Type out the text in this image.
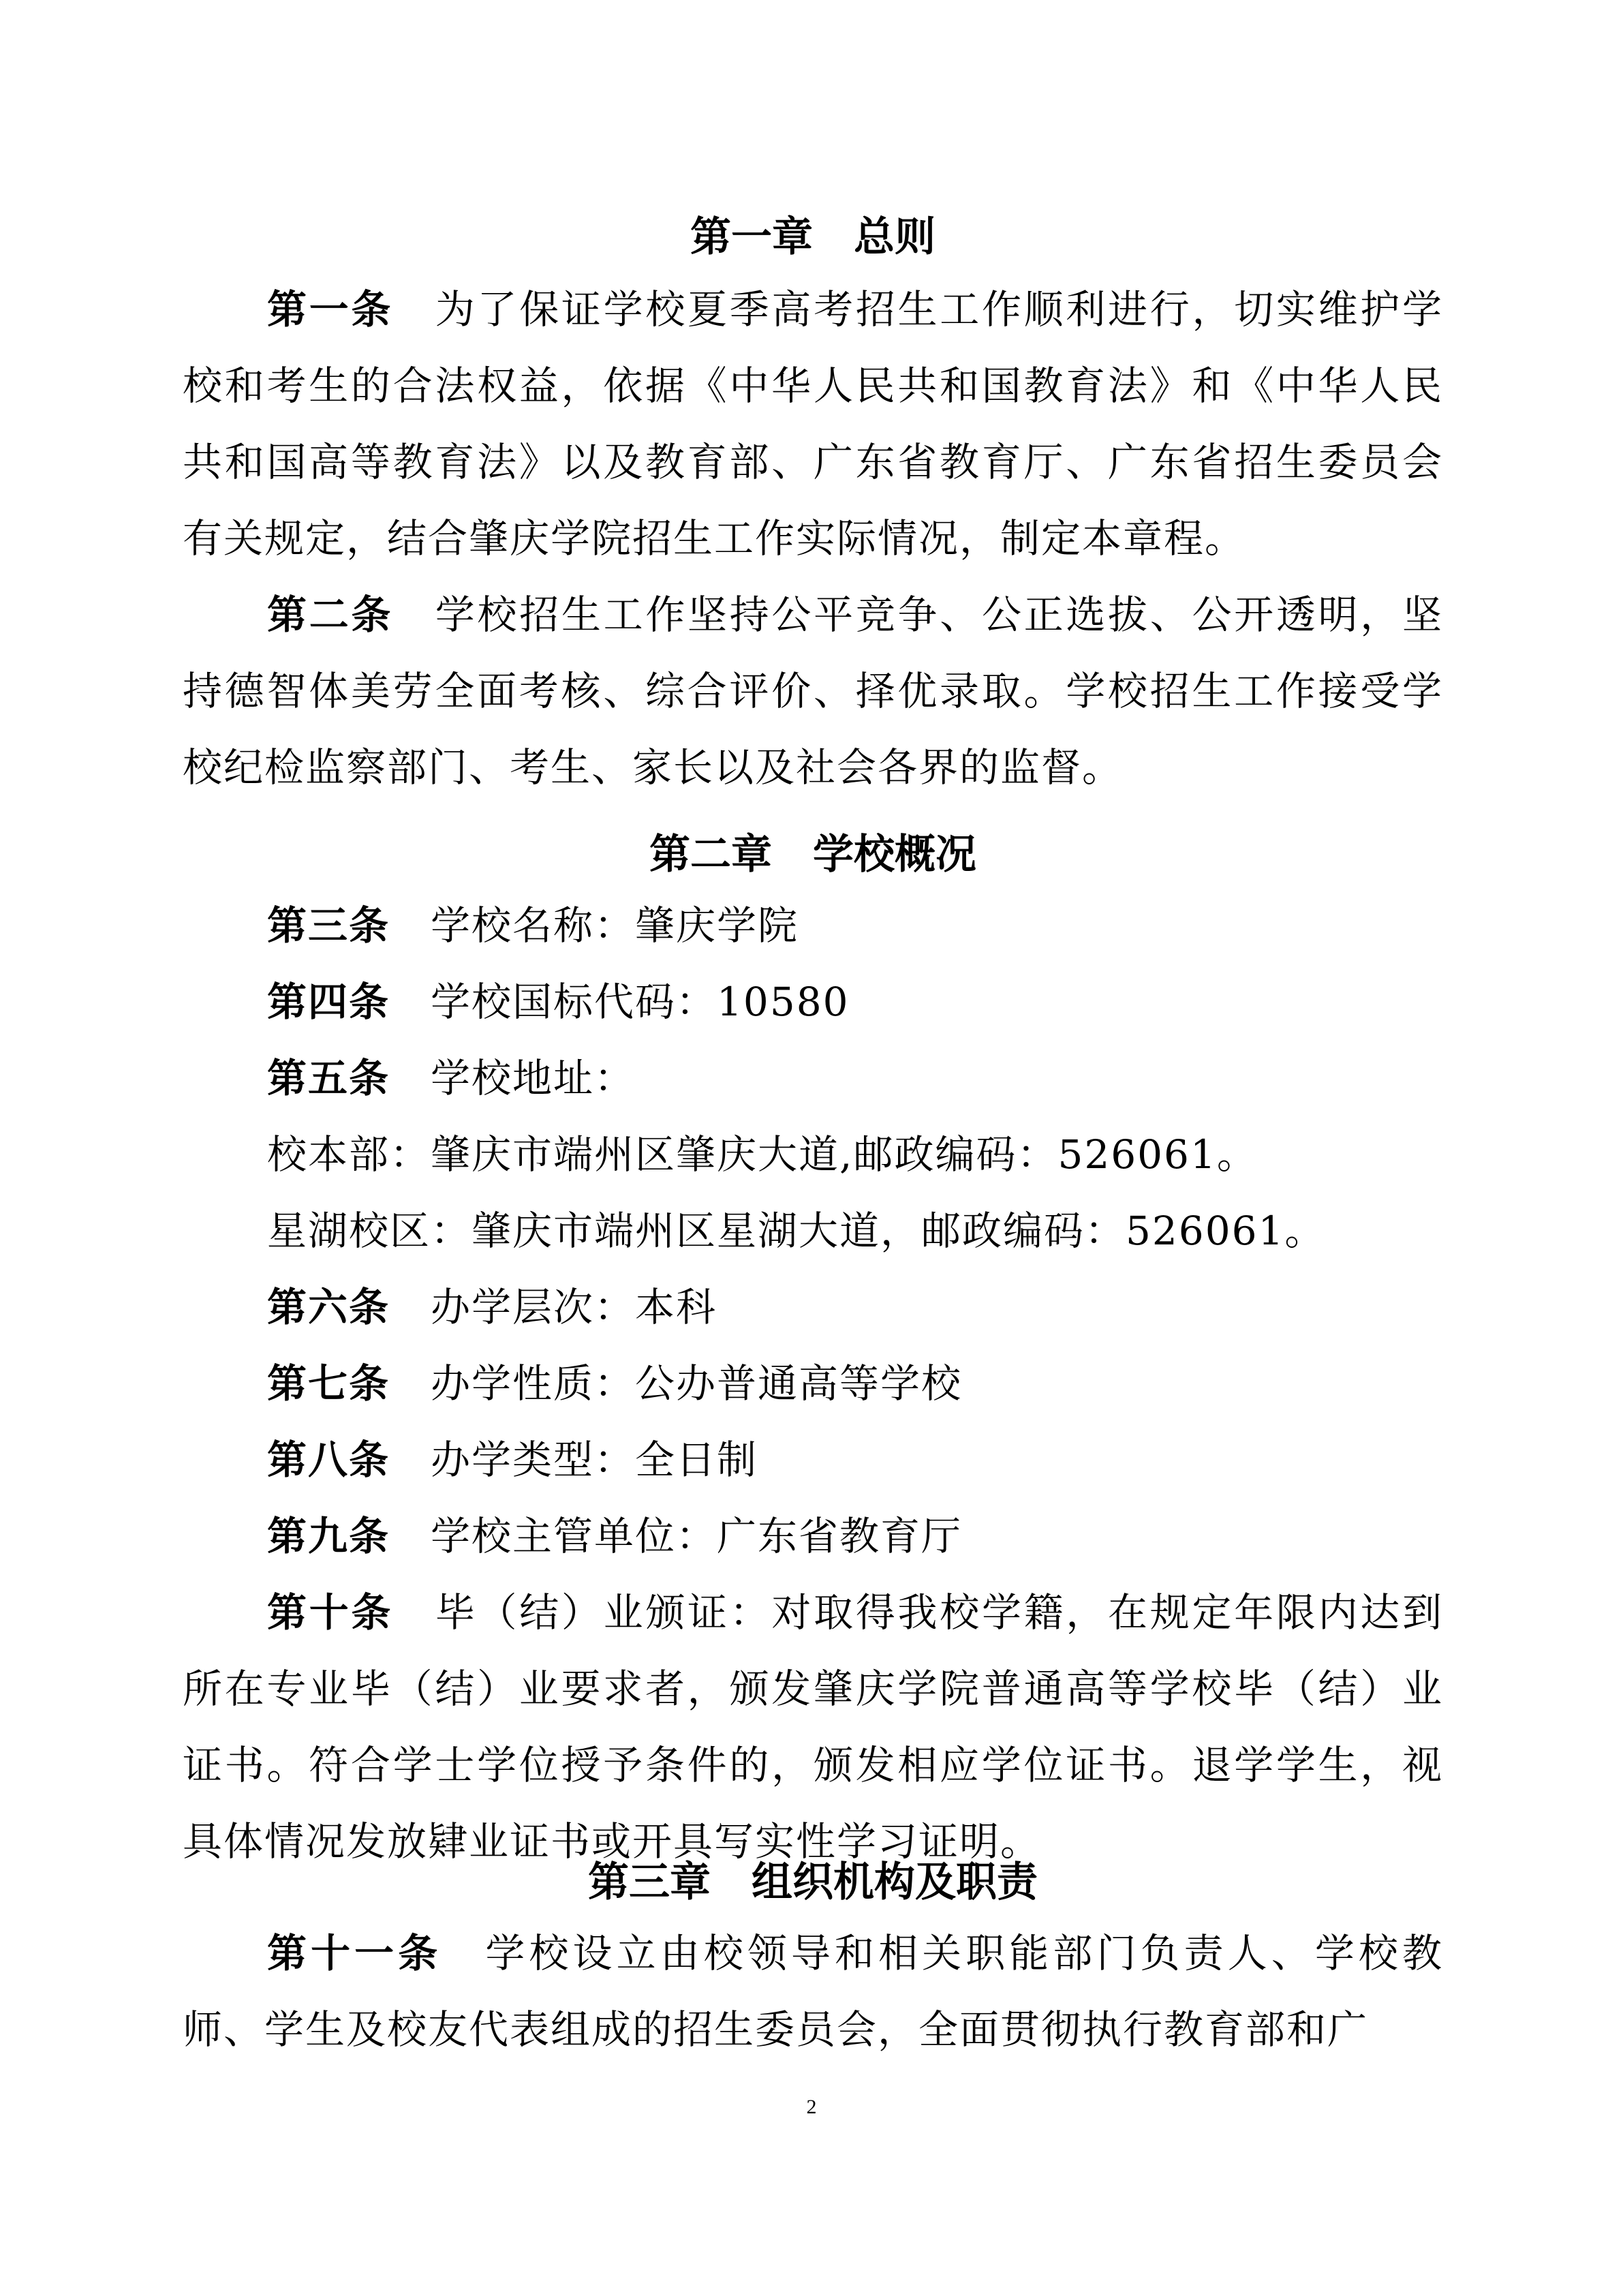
第一章 总则

第一条 为了保证学校夏季高考招生工作顺利进行，切实维护学校和考生的合法权益，依据《中华人民共和国教育法》和《中华人民共和国高等教育法》以及教育部、广东省教育厅、广东省招生委员会有关规定，结合肇庆学院招生工作实际情况，制定本章程。

第二条 学校招生工作坚持公平竞争、公正选拔、公开透明，坚持德智体美劳全面考核、综合评价、择优录取。学校招生工作接受学校纪检监察部门、考生、家长以及社会各界的监督。

第二章 学校概况

第三条 学校名称：肇庆学院

第四条 学校国标代码：10580

第五条 学校地址：

校本部：肇庆市端州区肇庆大道,邮政编码：526061。

星湖校区：肇庆市端州区星湖大道，邮政编码：526061。

第六条 办学层次：本科

第七条 办学性质：公办普通高等学校

第八条 办学类型：全日制

第九条 学校主管单位：广东省教育厅

第十条 毕（结）业颁证：对取得我校学籍，在规定年限内达到所在专业毕（结）业要求者，颁发肇庆学院普通高等学校毕（结）业证书。符合学士学位授予条件的，颁发相应学位证书。退学学生，视具体情况发放肄业证书或开具写实性学习证明。

第三章 组织机构及职责

第十一条 学校设立由校领导和相关职能部门负责人、学校教师、学生及校友代表组成的招生委员会，全面贯彻执行教育部和广

2
